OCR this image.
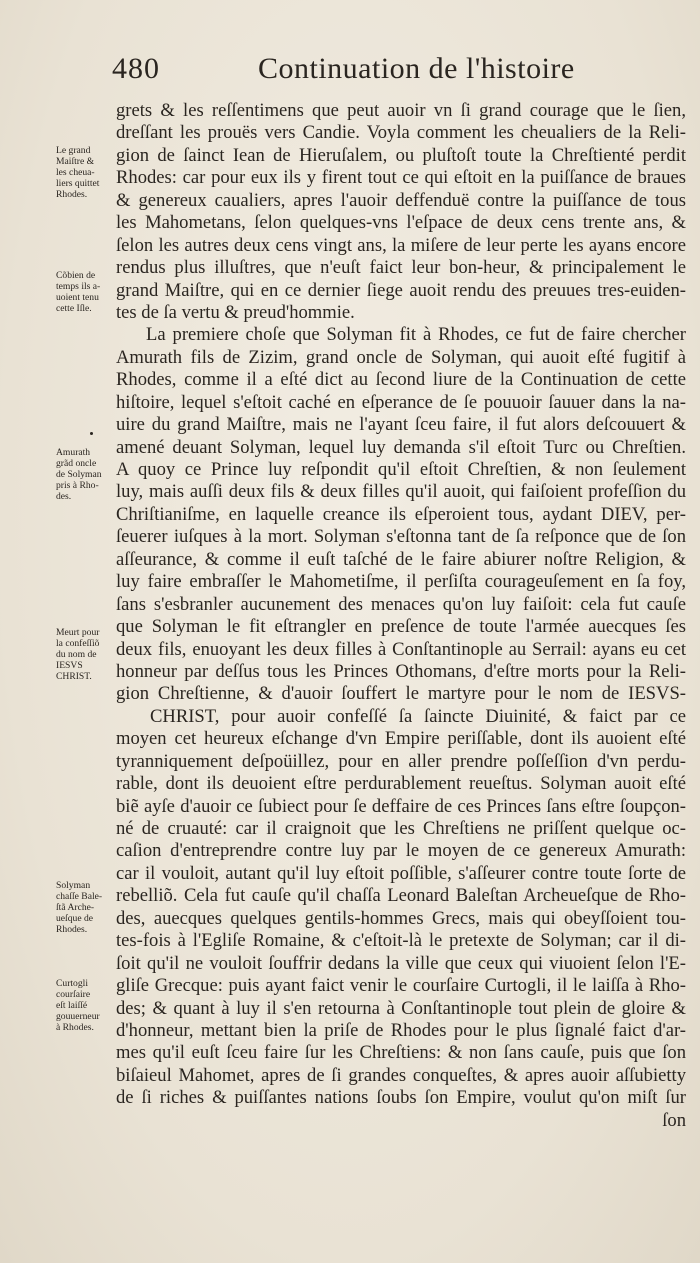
480	Continuation de l'histoire
grets & les reſſentimens que peut auoir vn ſi grand courage que le ſien,
dreſſant les prouës vers Candie. Voyla comment les cheualiers de la Reli-
gion de ſainct Iean de Hieruſalem, ou pluſtoſt toute la Chreſtienté perdit
Rhodes: car pour eux ils y firent tout ce qui eſtoit en la puiſſance de braues
& genereux caualiers, apres l'auoir deffenduë contre la puiſſance de tous
les Mahometans, ſelon quelques-vns l'eſpace de deux cens trente ans, &
ſelon les autres deux cens vingt ans, la miſere de leur perte les ayans encore
rendus plus illuſtres, que n'euſt faict leur bon-heur, & principalement le
grand Maiſtre, qui en ce dernier ſiege auoit rendu des preuues tres-euiden-
tes de ſa vertu & preud'hommie.
La premiere choſe que Solyman fit à Rhodes, ce fut de faire chercher
Amurath fils de Zizim, grand oncle de Solyman, qui auoit eſté fugitif à
Rhodes, comme il a eſté dict au ſecond liure de la Continuation de cette
hiſtoire, lequel s'eſtoit caché en eſperance de ſe pouuoir ſauuer dans la na-
uire du grand Maiſtre, mais ne l'ayant ſceu faire, il fut alors deſcouuert &
amené deuant Solyman, lequel luy demanda s'il eſtoit Turc ou Chreſtien.
A quoy ce Prince luy reſpondit qu'il eſtoit Chreſtien, & non ſeulement
luy, mais auſſi deux fils & deux filles qu'il auoit, qui faiſoient profeſſion du
Chriſtianiſme, en laquelle creance ils eſperoient tous, aydant DIEV, per-
ſeuerer iuſques à la mort. Solyman s'eſtonna tant de ſa reſponce que de ſon
aſſeurance, & comme il euſt taſché de le faire abiurer noſtre Religion, &
luy faire embraſſer le Mahometiſme, il perſiſta courageuſement en ſa foy,
ſans s'esbranler aucunement des menaces qu'on luy faiſoit: cela fut cauſe
que Solyman le fit eſtrangler en preſence de toute l'armée auecques ſes
deux fils, enuoyant les deux filles à Conſtantinople au Serrail: ayans eu cet
honneur par deſſus tous les Princes Othomans, d'eſtre morts pour la Reli-
gion Chreſtienne, & d'auoir ſouffert le martyre pour le nom de IESVS-
CHRIST, pour auoir confeſſé ſa ſaincte Diuinité, & faict par ce
moyen cet heureux eſchange d'vn Empire periſſable, dont ils auoient eſté
tyranniquement deſpoüillez, pour en aller prendre poſſeſſion d'vn perdu-
rable, dont ils deuoient eſtre perdurablement reueſtus. Solyman auoit eſté
biẽ ayſe d'auoir ce ſubiect pour ſe deffaire de ces Princes ſans eſtre ſoupçon-
né de cruauté: car il craignoit que les Chreſtiens ne priſſent quelque oc-
caſion d'entreprendre contre luy par le moyen de ce genereux Amurath:
car il vouloit, autant qu'il luy eſtoit poſſible, s'aſſeurer contre toute ſorte de
rebelliõ. Cela fut cauſe qu'il chaſſa Leonard Baleſtan Archeueſque de Rho-
des, auecques quelques gentils-hommes Grecs, mais qui obeyſſoient tou-
tes-fois à l'Egliſe Romaine, & c'eſtoit-là le pretexte de Solyman; car il di-
ſoit qu'il ne vouloit ſouffrir dedans la ville que ceux qui viuoient ſelon l'E-
gliſe Grecque: puis ayant faict venir le courſaire Curtogli, il le laiſſa à Rho-
des; & quant à luy il s'en retourna à Conſtantinople tout plein de gloire &
d'honneur, mettant bien la priſe de Rhodes pour le plus ſignalé faict d'ar-
mes qu'il euſt ſceu faire ſur les Chreſtiens: & non ſans cauſe, puis que ſon
biſaieul Mahomet, apres de ſi grandes conqueſtes, & apres auoir aſſubietty
de ſi riches & puiſſantes nations ſoubs ſon Empire, voulut qu'on miſt ſur
ſon
Le grand
Maiſtre &
les cheua-
liers quittet
Rhodes.
Cõbien de
temps ils a-
uoient tenu
cette Iſle.
Amurath
grãd oncle
de Solyman
pris à Rho-
des.
Meurt pour
la confeſſiõ
du nom de
IESVS
CHRIST.
Solyman
chaſſe Bale-
ſtã Arche-
ueſque de
Rhodes.
Curtogli
courſaire
eſt laiſſé
gouuerneur
à Rhodes.
